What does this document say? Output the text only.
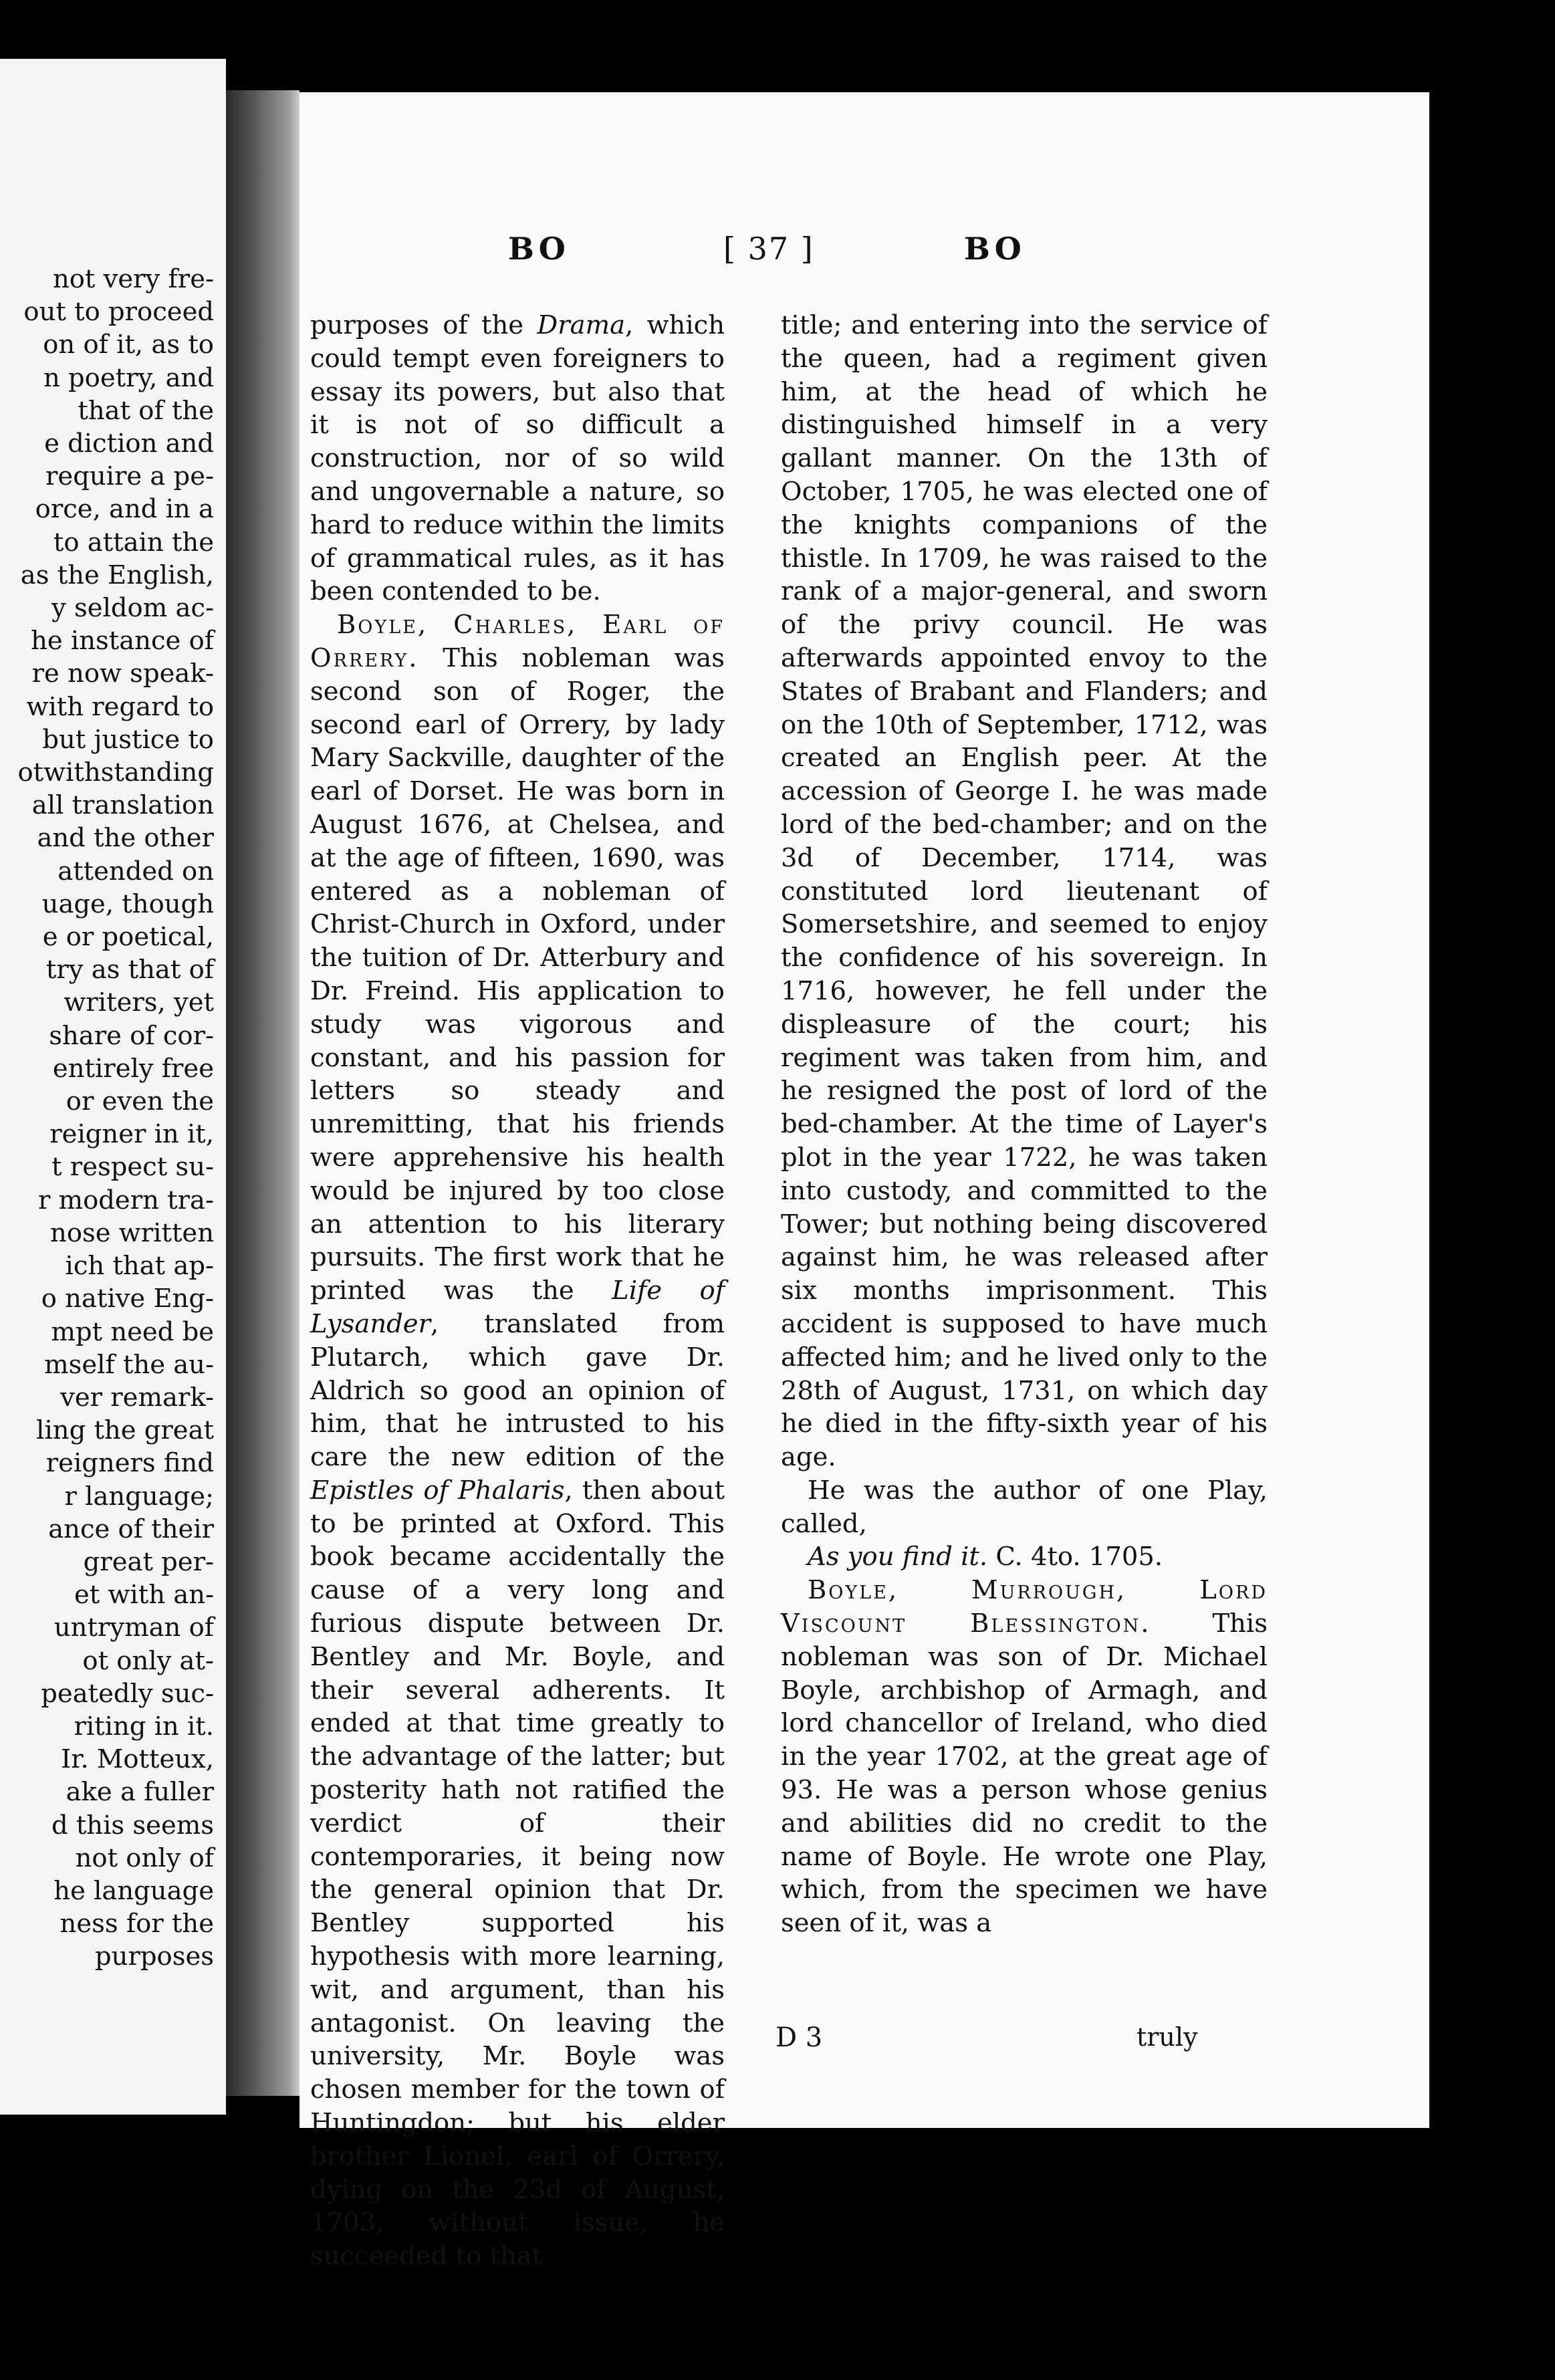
not very fre-
out to proceed
on of it, as to
n poetry, and
that of the
e diction and
require a pe-
orce, and in a
to attain the
as the English,
y seldom ac-
he instance of
re now speak-
with regard to
but justice to
otwithstanding
all translation
and the other
attended on
uage, though
e or poetical,
try as that of
writers, yet
share of cor-
entirely free
or even the
reigner in it,
t respect su-
r modern tra-
nose written
ich that ap-
o native Eng-
mpt need be
mself the au-
ver remark-
ling the great
reigners find
r language;
ance of their
great per-
et with an-
untryman of
ot only at-
peatedly suc-
riting in it.
Ir. Motteux,
ake a fuller
d this seems
not only of
he language
ness for the
purposes
BO	[ 37 ]	BO

purposes of the Drama, which could tempt even foreigners to essay its powers, but also that it is not of so difficult a construction, nor of so wild and ungovernable a nature, so hard to reduce within the limits of grammatical rules, as it has been contended to be.

Boyle, Charles, Earl of Orrery. This nobleman was second son of Roger, the second earl of Orrery, by lady Mary Sackville, daughter of the earl of Dorset. He was born in August 1676, at Chelsea, and at the age of fifteen, 1690, was entered as a nobleman of Christ-Church in Oxford, under the tuition of Dr. Atterbury and Dr. Freind. His application to study was vigorous and constant, and his passion for letters so steady and unremitting, that his friends were apprehensive his health would be injured by too close an attention to his literary pursuits. The first work that he printed was the Life of Lysander, translated from Plutarch, which gave Dr. Aldrich so good an opinion of him, that he intrusted to his care the new edition of the Epistles of Phalaris, then about to be printed at Oxford. This book became accidentally the cause of a very long and furious dispute between Dr. Bentley and Mr. Boyle, and their several adherents. It ended at that time greatly to the advantage of the latter; but posterity hath not ratified the verdict of their contemporaries, it being now the general opinion that Dr. Bentley supported his hypothesis with more learning, wit, and argument, than his antagonist. On leaving the university, Mr. Boyle was chosen member for the town of Huntingdon; but his elder brother Lionel, earl of Orrery, dying on the 23d of August, 1703, without issue, he succeeded to that

title; and entering into the service of the queen, had a regiment given him, at the head of which he distinguished himself in a very gallant manner. On the 13th of October, 1705, he was elected one of the knights companions of the thistle. In 1709, he was raised to the rank of a major-general, and sworn of the privy council. He was afterwards appointed envoy to the States of Brabant and Flanders; and on the 10th of September, 1712, was created an English peer. At the accession of George I. he was made lord of the bed-chamber; and on the 3d of December, 1714, was constituted lord lieutenant of Somersetshire, and seemed to enjoy the confidence of his sovereign. In 1716, however, he fell under the displeasure of the court; his regiment was taken from him, and he resigned the post of lord of the bed-chamber. At the time of Layer's plot in the year 1722, he was taken into custody, and committed to the Tower; but nothing being discovered against him, he was released after six months imprisonment. This accident is supposed to have much affected him; and he lived only to the 28th of August, 1731, on which day he died in the fifty-sixth year of his age.

He was the author of one Play, called,

As you find it. C. 4to. 1705.

Boyle, Murrough, Lord Viscount Blessington. This nobleman was son of Dr. Michael Boyle, archbishop of Armagh, and lord chancellor of Ireland, who died in the year 1702, at the great age of 93. He was a person whose genius and abilities did no credit to the name of Boyle. He wrote one Play, which, from the specimen we have seen of it, was a

D 3	truly
